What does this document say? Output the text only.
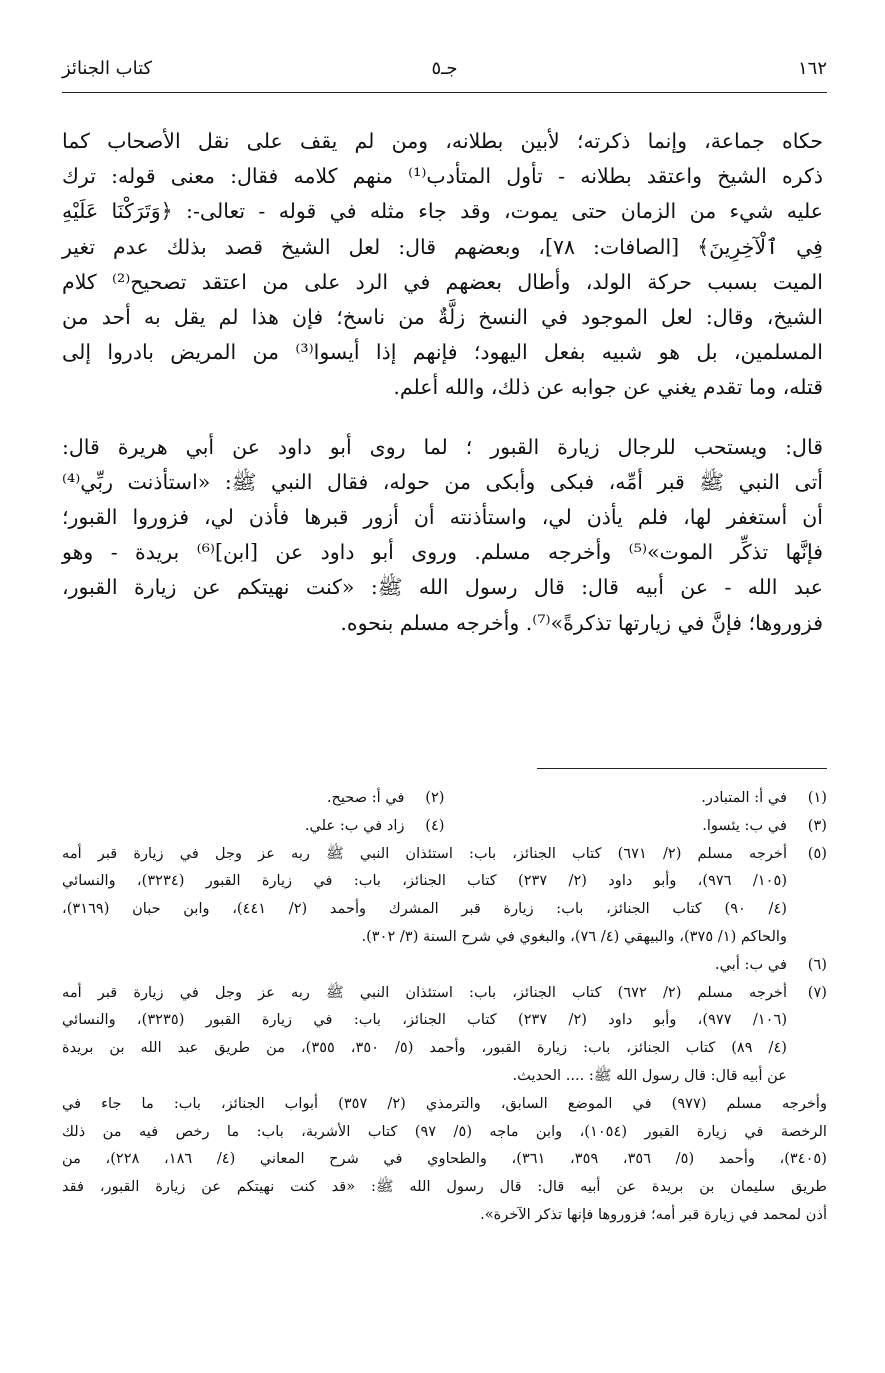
١٦٢
جـ٥
كتاب الجنائز

حكاه جماعة، وإنما ذكرته؛ لأبين بطلانه، ومن لم يقف على نقل الأصحاب كما
ذكره الشيخ واعتقد بطلانه - تأول المتأدب⁽¹⁾ منهم كلامه فقال: معنى قوله: ترك
عليه شيء من الزمان حتى يموت، وقد جاء مثله في قوله - تعالى-: ﴿وَتَرَكْنَا عَلَيْهِ
فِي ٱلْآخِرِينَ﴾ [الصافات: ٧٨]، وبعضهم قال: لعل الشيخ قصد بذلك عدم تغير
الميت بسبب حركة الولد، وأطال بعضهم في الرد على من اعتقد تصحيح⁽²⁾ كلام
الشيخ، وقال: لعل الموجود في النسخ زلَّةٌ من ناسخ؛ فإن هذا لم يقل به أحد من
المسلمين، بل هو شبيه بفعل اليهود؛ فإنهم إذا أيسوا⁽³⁾ من المريض بادروا إلى
قتله، وما تقدم يغني عن جوابه عن ذلك، والله أعلم.

قال: ويستحب للرجال زيارة القبور ؛ لما روى أبو داود عن أبي هريرة قال:
أتى النبي ﷺ قبر أمِّه، فبكى وأبكى من حوله، فقال النبي ﷺ: «استأذنت ربِّي⁽⁴⁾
أن أستغفر لها، فلم يأذن لي، واستأذنته أن أزور قبرها فأذن لي، فزوروا القبور؛
فإنَّها تذكِّر الموت»⁽⁵⁾ وأخرجه مسلم. وروى أبو داود عن [ابن]⁽⁶⁾ بريدة - وهو
عبد الله - عن أبيه قال: قال رسول الله ﷺ: «كنت نهيتكم عن زيارة القبور،
فزوروها؛ فإنَّ في زيارتها تذكرةً»⁽⁷⁾. وأخرجه مسلم بنحوه.

(١)في أ: المتبادر.
(٢)في أ: صحيح.
(٣)في ب: يئسوا.
(٤)زاد في ب: علي.
(٥)
أخرجه مسلم (٢/ ٦٧١) كتاب الجنائز، باب: استئذان النبي ﷺ ربه عز وجل في زيارة قبر أمه
(١٠٥/ ٩٧٦)، وأبو داود (٢/ ٢٣٧) كتاب الجنائز، باب: في زيارة القبور (٣٢٣٤)، والنسائي
(٤/ ٩٠) كتاب الجنائز، باب: زيارة قبر المشرك وأحمد (٢/ ٤٤١)، وابن حبان (٣١٦٩)،
والحاكم (١/ ٣٧٥)، والبيهقي (٤/ ٧٦)، والبغوي في شرح السنة (٣/ ٣٠٢).
(٦)
في ب: أبي.
(٧)
أخرجه مسلم (٢/ ٦٧٢) كتاب الجنائز، باب: استئذان النبي ﷺ ربه عز وجل في زيارة قبر أمه
(١٠٦/ ٩٧٧)، وأبو داود (٢/ ٢٣٧) كتاب الجنائز، باب: في زيارة القبور (٣٢٣٥)، والنسائي
(٤/ ٨٩) كتاب الجنائز، باب: زيارة القبور، وأحمد (٥/ ٣٥٠، ٣٥٥)، من طريق عبد الله بن بريدة
عن أبيه قال: قال رسول الله ﷺ: .... الحديث.
وأخرجه مسلم (٩٧٧) في الموضع السابق، والترمذي (٢/ ٣٥٧) أبواب الجنائز، باب: ما جاء في
الرخصة في زيارة القبور (١٠٥٤)، وابن ماجه (٥/ ٩٧) كتاب الأشربة، باب: ما رخص فيه من ذلك
(٣٤٠٥)، وأحمد (٥/ ٣٥٦، ٣٥٩، ٣٦١)، والطحاوي في شرح المعاني (٤/ ١٨٦، ٢٢٨)، من
طريق سليمان بن بريدة عن أبيه قال: قال رسول الله ﷺ: «قد كنت نهيتكم عن زيارة القبور، فقد
أذن لمحمد في زيارة قبر أمه؛ فزوروها فإنها تذكر الآخرة».
